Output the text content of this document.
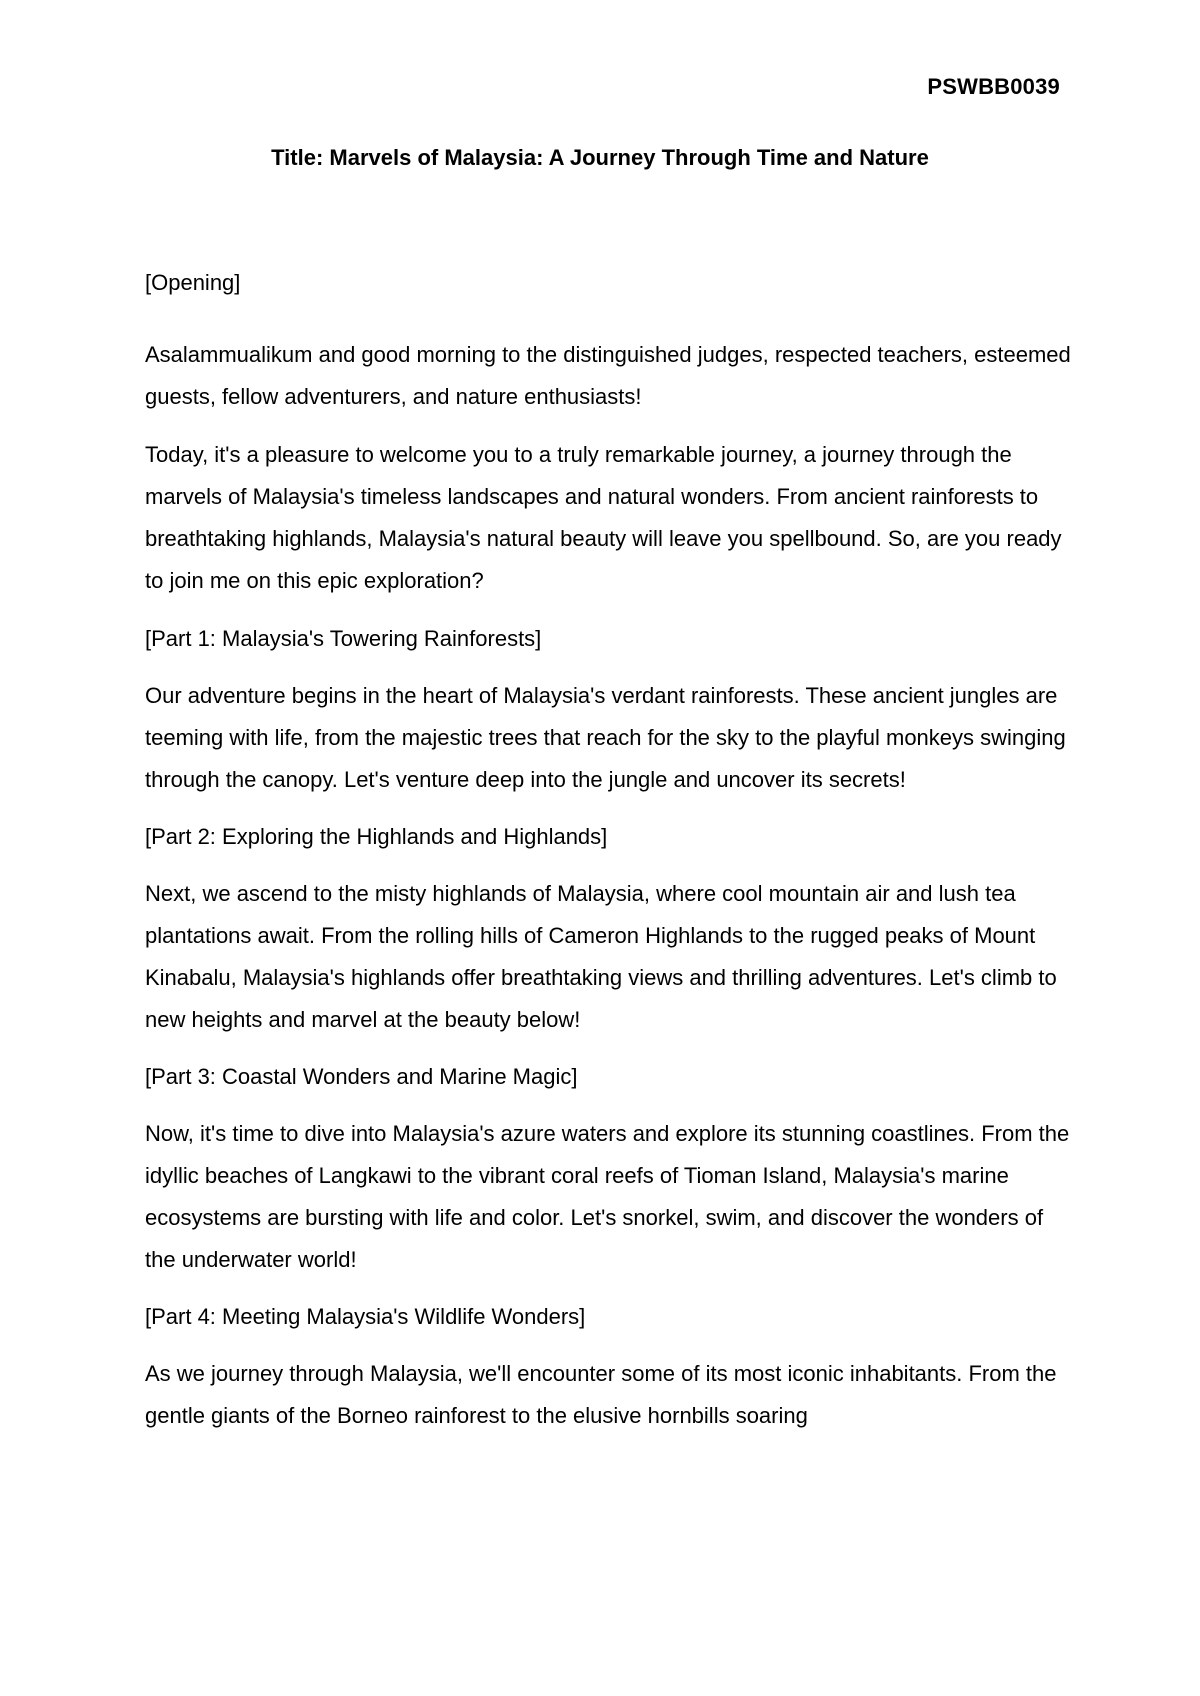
PSWBB0039
Title: Marvels of Malaysia: A Journey Through Time and Nature

[Opening]

Asalammualikum and good morning to the distinguished judges, respected teachers, esteemed guests, fellow adventurers, and nature enthusiasts!

Today, it's a pleasure to welcome you to a truly remarkable journey, a journey through the marvels of Malaysia's timeless landscapes and natural wonders. From ancient rainforests to breathtaking highlands, Malaysia's natural beauty will leave you spellbound. So, are you ready to join me on this epic exploration?

[Part 1: Malaysia's Towering Rainforests]

Our adventure begins in the heart of Malaysia's verdant rainforests. These ancient jungles are teeming with life, from the majestic trees that reach for the sky to the playful monkeys swinging through the canopy. Let's venture deep into the jungle and uncover its secrets!

[Part 2: Exploring the Highlands and Highlands]

Next, we ascend to the misty highlands of Malaysia, where cool mountain air and lush tea plantations await. From the rolling hills of Cameron Highlands to the rugged peaks of Mount Kinabalu, Malaysia's highlands offer breathtaking views and thrilling adventures. Let's climb to new heights and marvel at the beauty below!

[Part 3: Coastal Wonders and Marine Magic]

Now, it's time to dive into Malaysia's azure waters and explore its stunning coastlines. From the idyllic beaches of Langkawi to the vibrant coral reefs of Tioman Island, Malaysia's marine ecosystems are bursting with life and color. Let's snorkel, swim, and discover the wonders of the underwater world!

[Part 4: Meeting Malaysia's Wildlife Wonders]

As we journey through Malaysia, we'll encounter some of its most iconic inhabitants. From the gentle giants of the Borneo rainforest to the elusive hornbills soaring
